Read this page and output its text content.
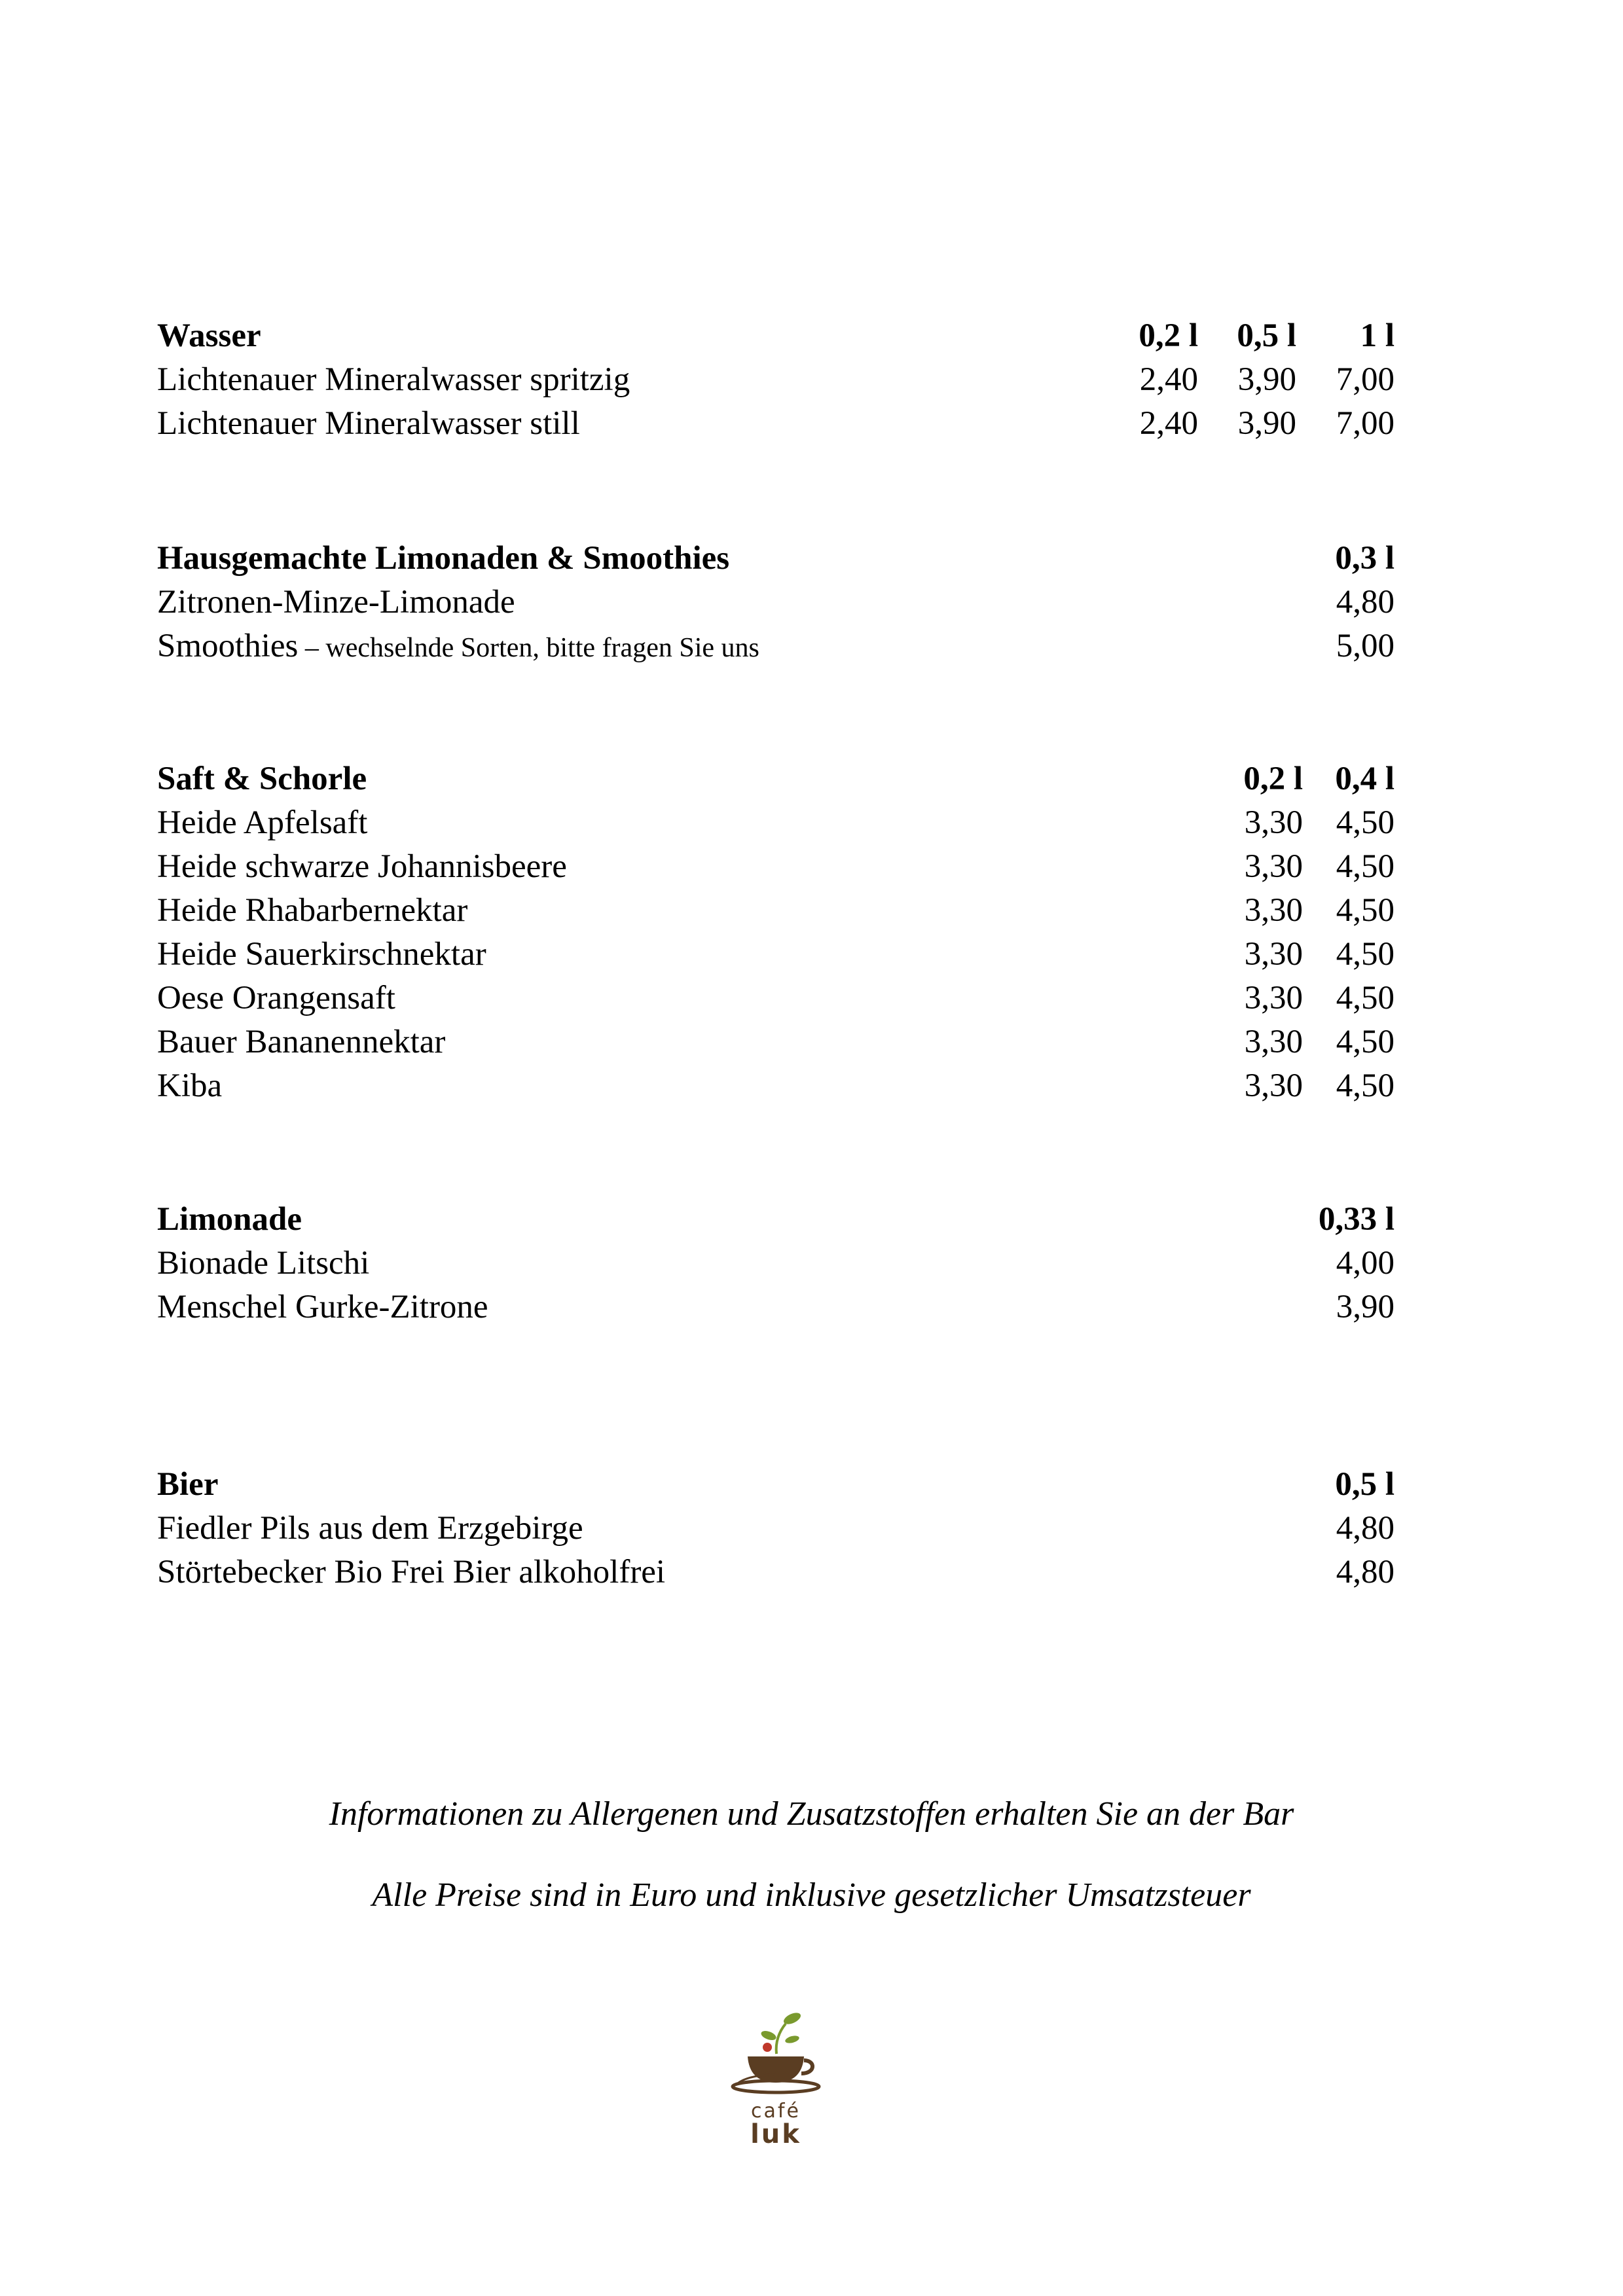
Wasser	0,2 l	0,5 l	1 l
Lichtenauer Mineralwasser spritzig	2,40	3,90	7,00
Lichtenauer Mineralwasser still	2,40	3,90	7,00
Hausgemachte Limonaden & Smoothies	0,3 l
Zitronen-Minze-Limonade	4,80
Smoothies – wechselnde Sorten, bitte fragen Sie uns	5,00
Saft & Schorle	0,2 l 0,4 l
Heide Apfelsaft	3,30 4,50
Heide schwarze Johannisbeere	3,30 4,50
Heide Rhabarbernektar	3,30 4,50
Heide Sauerkirschnektar	3,30 4,50
Oese Orangensaft	3,30 4,50
Bauer Bananennektar	3,30 4,50
Kiba	3,30 4,50
Limonade	0,33 l
Bionade Litschi	4,00
Menschel Gurke-Zitrone	3,90
Bier	0,5 l
Fiedler Pils aus dem Erzgebirge	4,80
Störtebecker Bio Frei Bier alkoholfrei	4,80
Informationen zu Allergenen und Zusatzstoffen erhalten Sie an der Bar
Alle Preise sind in Euro und inklusive gesetzlicher Umsatzsteuer
café
luk
